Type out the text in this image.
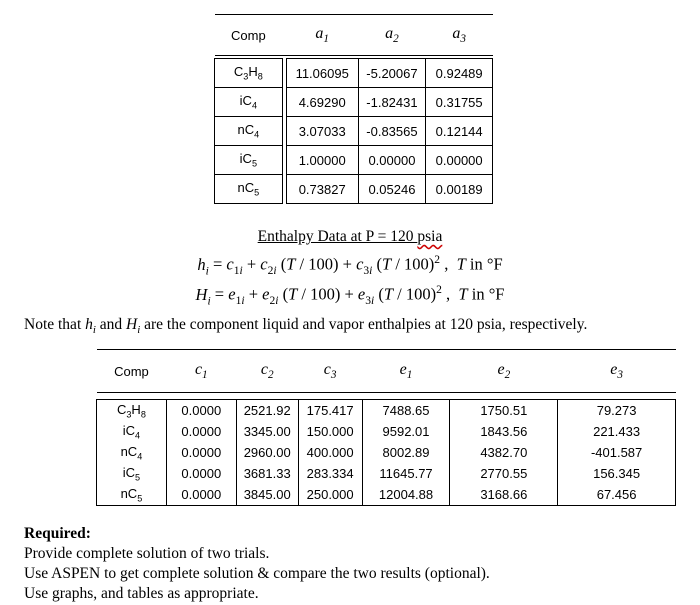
Comp		$a_1$	$a_2$	$a_3$

$C_3H_8$		11.06095	-5.20067	0.92489
$iC_4$		4.69290	-1.82431	0.31755
$nC_4$		3.07033	-0.83565	0.12144
$iC_5$		1.00000	0.00000	0.00000
$nC_5$		0.73827	0.05246	0.00189
Enthalpy Data at P = 120 psia
$h_i = c_{1i} + c_{2i}$ $(T / 100) + c_{3i}$ (T / 100)$^2$ ,  T in °F
$H_i = e_{1i} + e_{2i}$ $(T / 100) + e_{3i}$ (T / 100)$^2$ ,  T in °F
Note that $h_i$ and $H_i$ are the component liquid and vapor enthalpies at 120 psia, respectively.
Comp	$c_1$	$c_2$	$c_3$	$e_1$	$e_2$	$e_3$

$C_3H_8$	0.0000	2521.92	175.417	7488.65	1750.51	79.273
$iC_4$	0.0000	3345.00	150.000	9592.01	1843.56	221.433
$nC_4$	0.0000	2960.00	400.000	8002.89	4382.70	-401.587
$iC_5$	0.0000	3681.33	283.334	11645.77	2770.55	156.345
$nC_5$	0.0000	3845.00	250.000	12004.88	3168.66	67.456
Required:
Provide complete solution of two trials.
Use ASPEN to get complete solution & compare the two results (optional).
Use graphs, and tables as appropriate.
